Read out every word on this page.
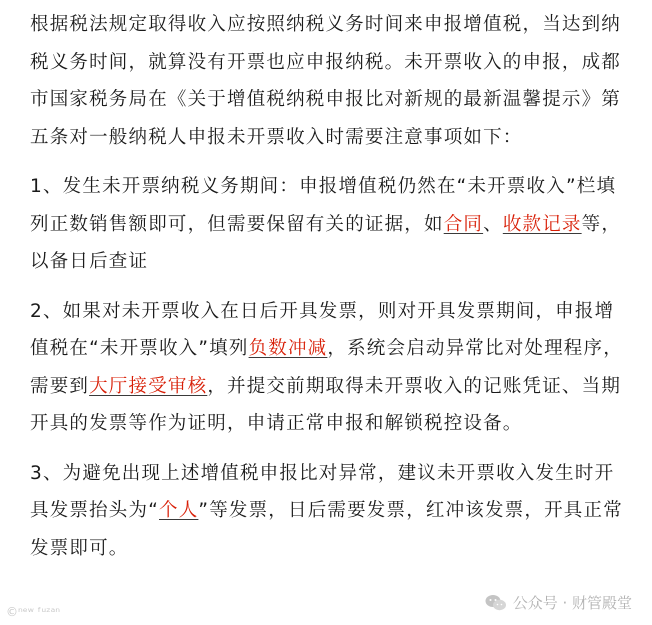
根据税法规定取得收入应按照纳税义务时间来申报增值税，当达到纳税义务时间，就算没有开票也应申报纳税。未开票收入的申报，成都市国家税务局在《关于增值税纳税申报比对新规的最新温馨提示》第五条对一般纳税人申报未开票收入时需要注意事项如下：

1、发生未开票纳税义务期间：申报增值税仍然在“未开票收入”栏填列正数销售额即可，但需要保留有关的证据，如合同、收款记录等，以备日后查证

2、如果对未开票收入在日后开具发票，则对开具发票期间，申报增值税在“未开票收入”填列负数冲减，系统会启动异常比对处理程序，需要到大厅接受审核，并提交前期取得未开票收入的记账凭证、当期开具的发票等作为证明，申请正常申报和解锁税控设备。

3、为避免出现上述增值税申报比对异常，建议未开票收入发生时开具发票抬头为“个人”等发票，日后需要发票，红冲该发票，开具正常发票即可。

©ⁿᵉʷ ᶠᵘᶻᵃⁿ	公众号 · 财管殿堂
